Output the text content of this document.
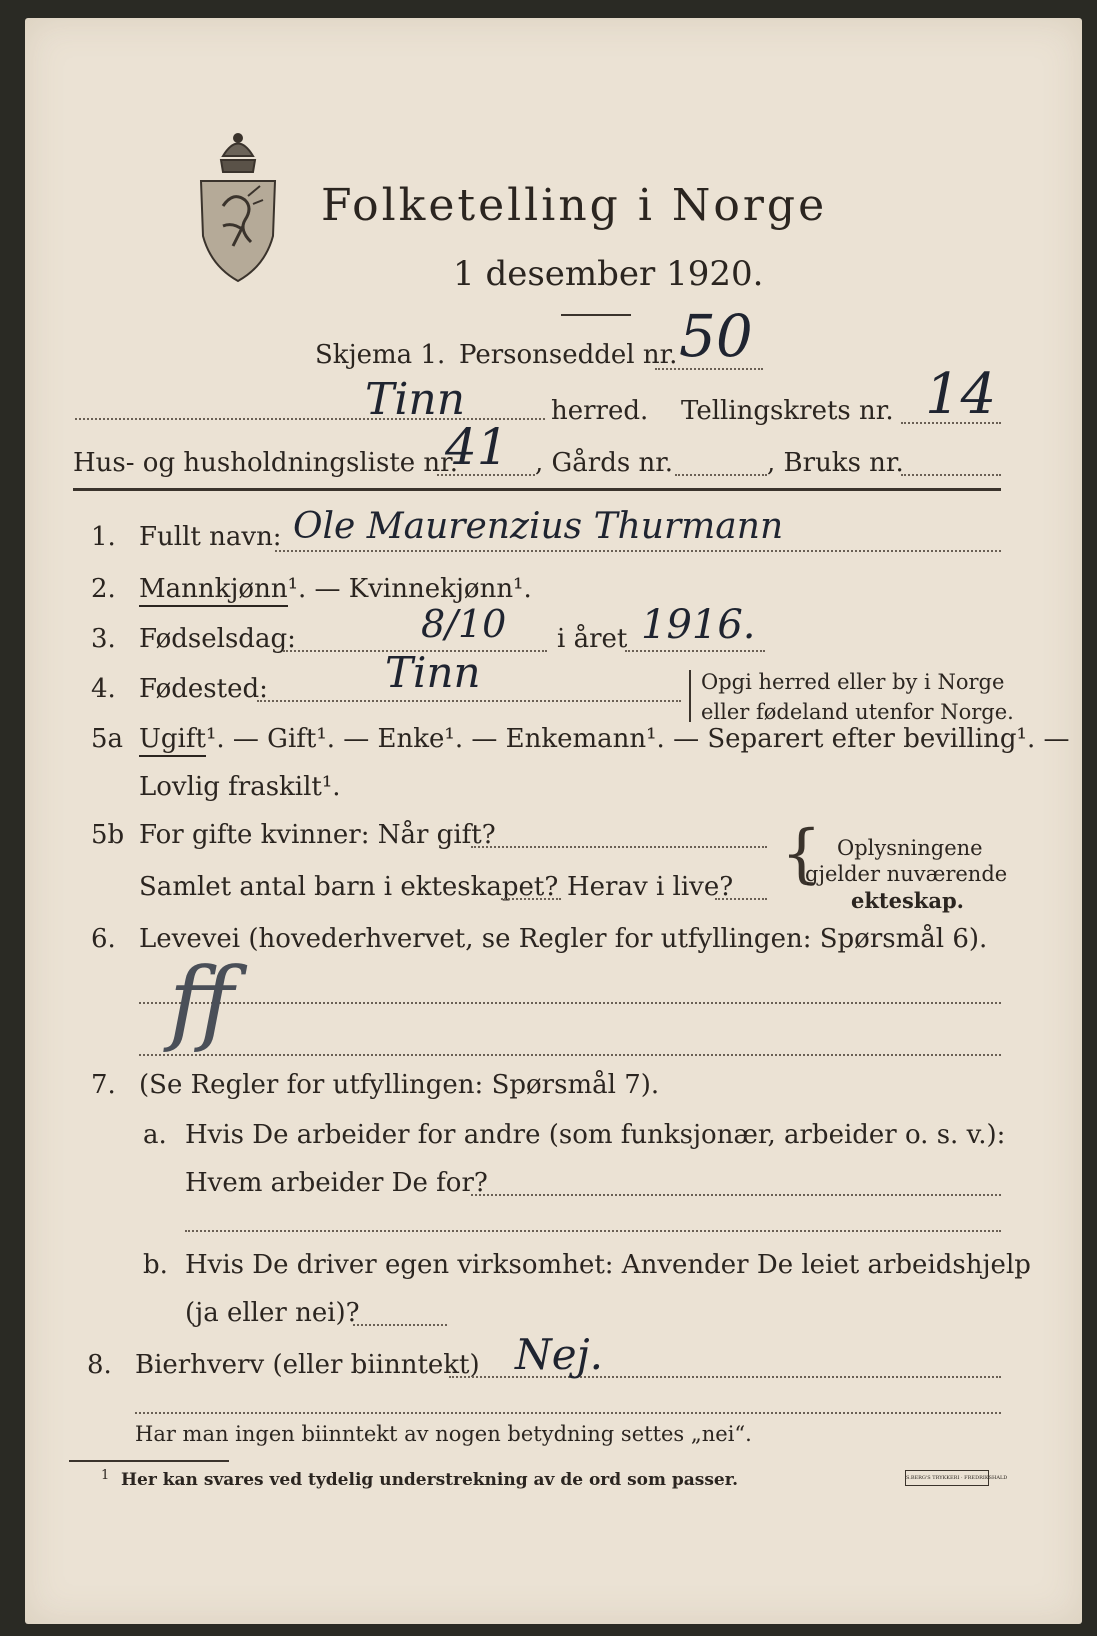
Folketelling i Norge
1 desember 1920.
Skjema 1. Personseddel nr. 50
Tinn	herred. Tellingskrets nr. 14
Hus- og husholdningsliste nr.
41 , Gårds nr.	, Bruks nr.
1. Fullt navn: Ole Maurenzius Thurmann
2. Mannkjønn¹. — Kvinnekjønn¹.
3. Fødselsdag:	8/10 i året 1916.
4. Fødested:	Tinn	Opgi herred eller by i Norge
eller fødeland utenfor Norge.
5a Ugift¹. — Gift¹. — Enke¹. — Enkemann¹. — Separert efter bevilling¹. —
Lovlig fraskilt¹.
5b For gifte kvinner: Når gift?
Samlet antal barn i ekteskapet? Herav i live? { Oplysningene
gjelder nuværende
ekteskap.
6. Levevei (hovederhvervet, se Regler for utfyllingen: Spørsmål 6).
ff
7. (Se Regler for utfyllingen: Spørsmål 7).
a. Hvis De arbeider for andre (som funksjonær, arbeider o. s. v.):
Hvem arbeider De for?
b. Hvis De driver egen virksomhet: Anvender De leiet arbeidshjelp
(ja eller nei)?
8. Bierhverv (eller biinntekt) Nej.
Har man ingen biinntekt av nogen betydning settes „nei“.
1 Her kan svares ved tydelig understrekning av de ord som passer.	S.BERG'S TRYKKERI · FREDRIKSHALD
